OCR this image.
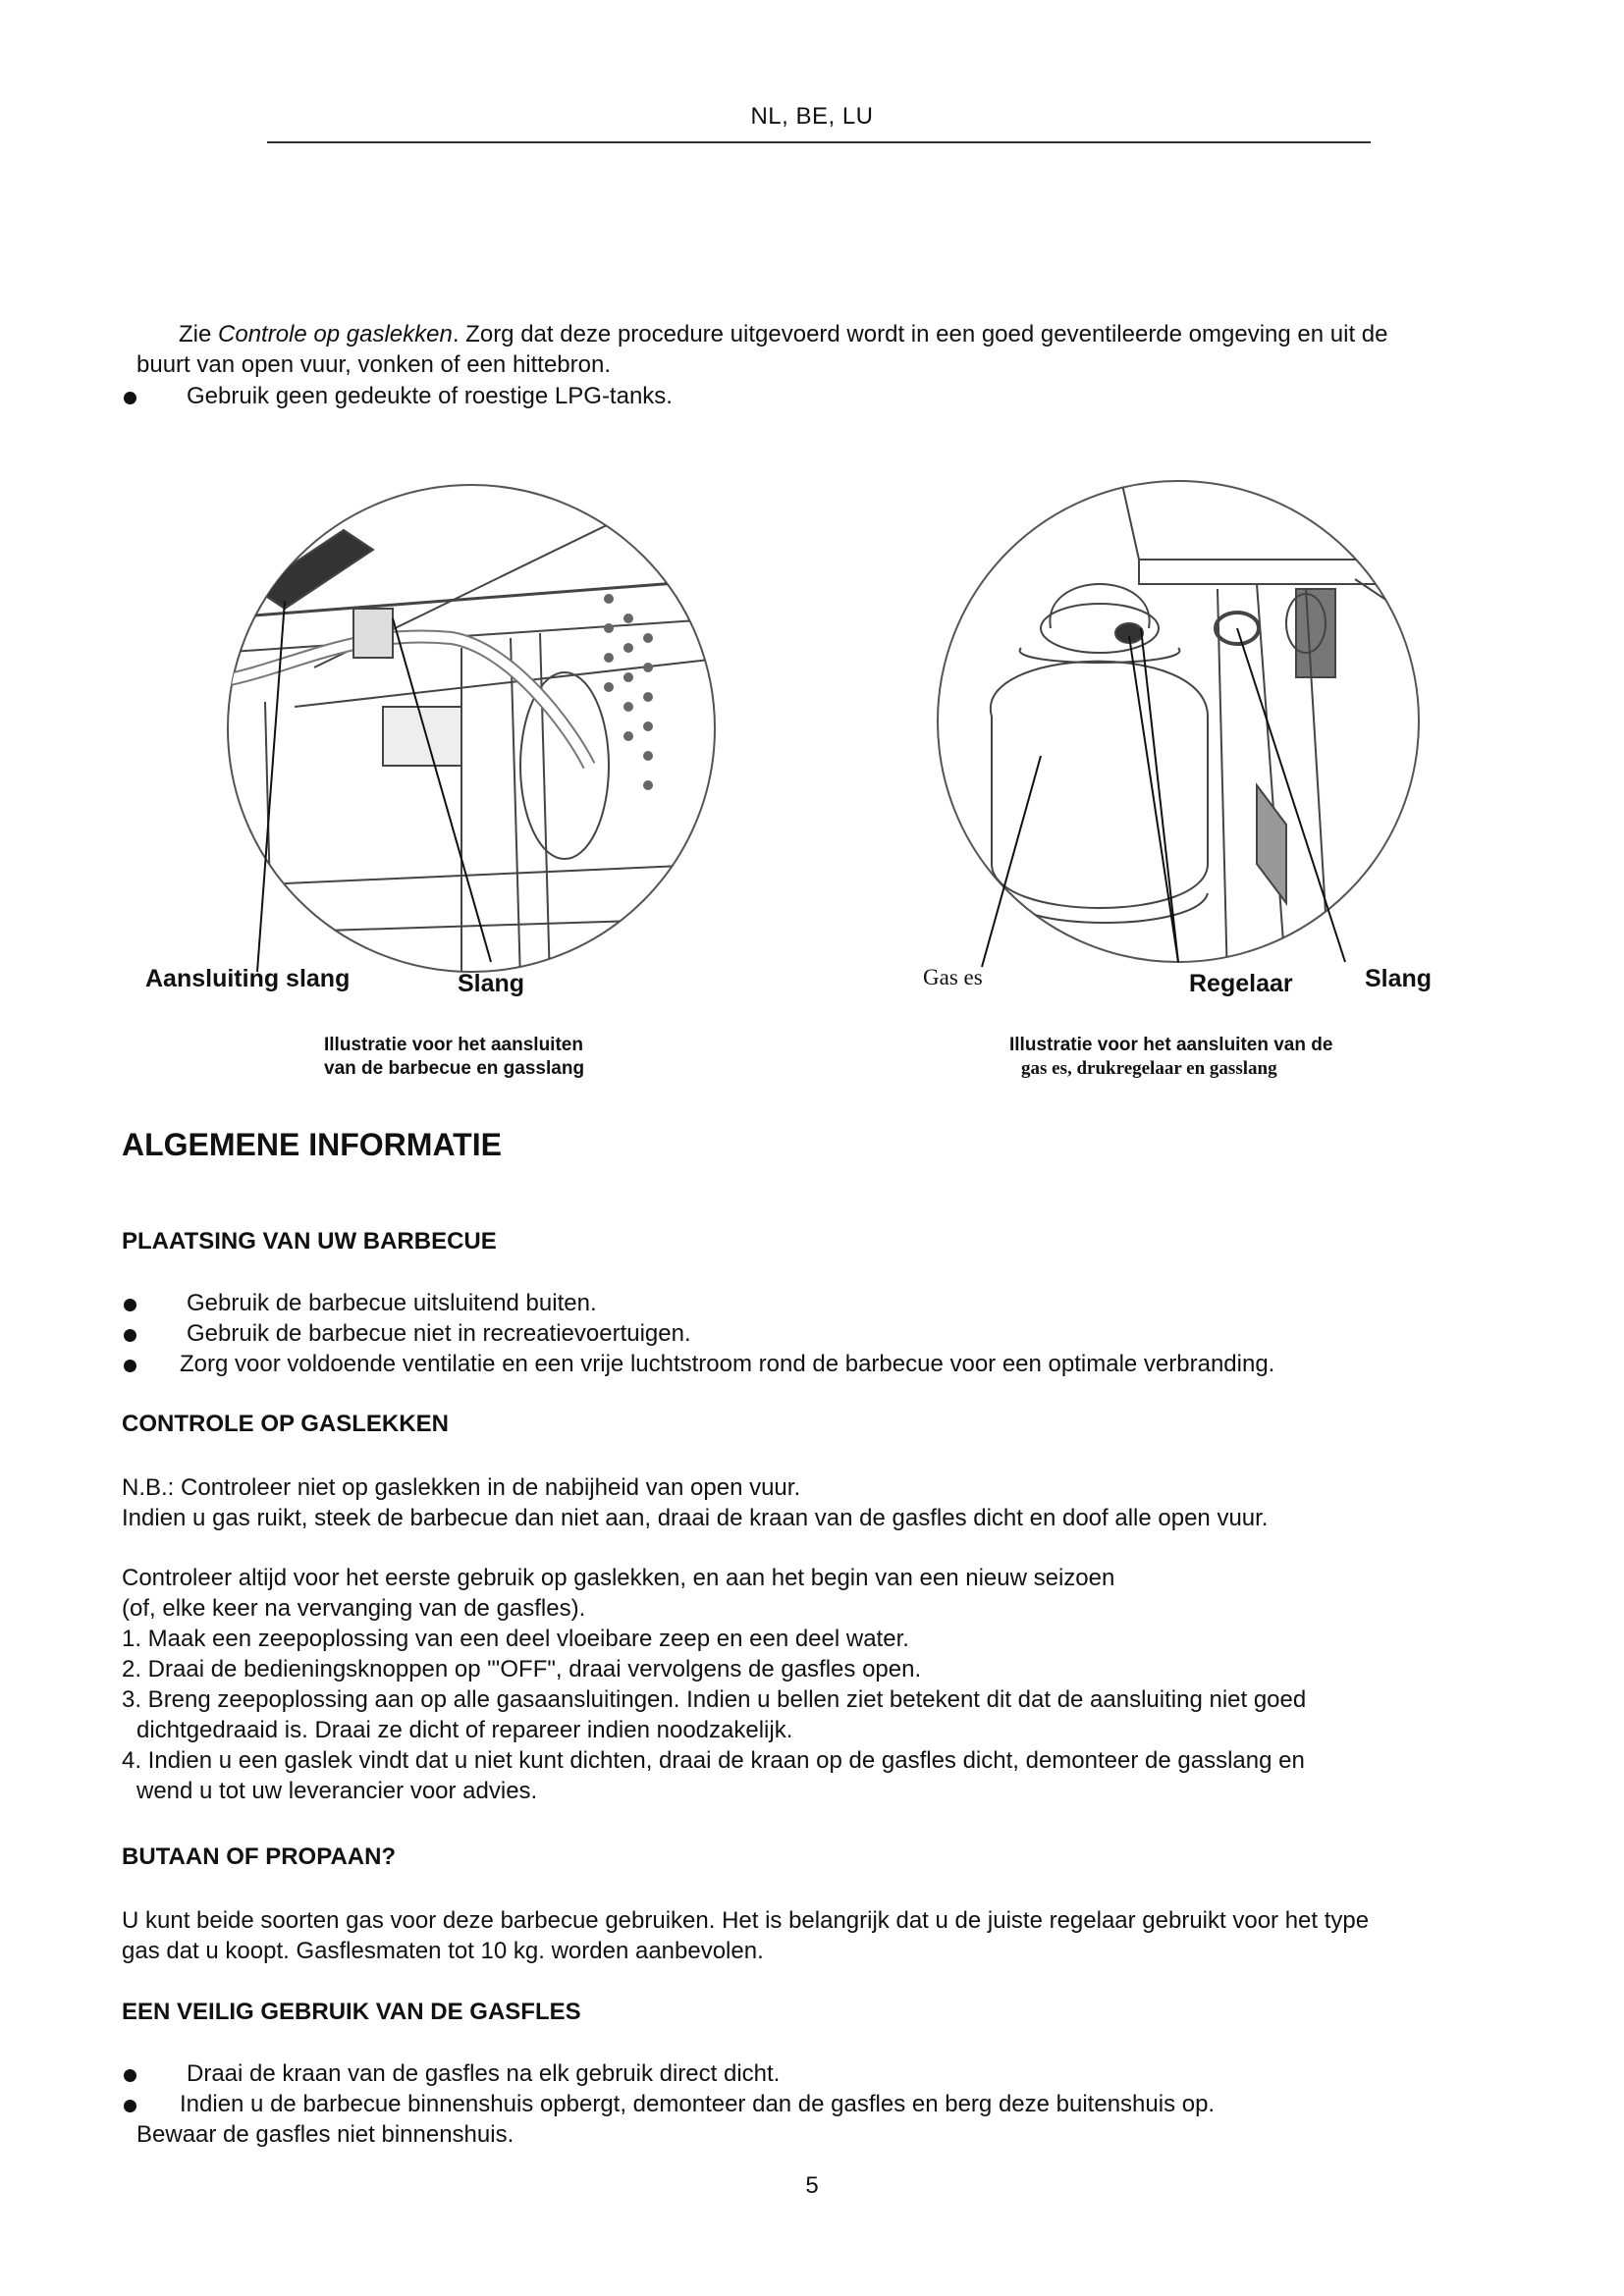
NL, BE, LU
Zie Controle op gaslekken. Zorg dat deze procedure uitgevoerd wordt in een goed geventileerde omgeving en uit de
buurt van open vuur, vonken of een hittebron.
Gebruik geen gedeukte of roestige LPG-tanks.
Aansluiting slang	Slang
Illustratie voor het aansluiten
van de barbecue en gasslang
Gas es	Regelaar	Slang
Illustratie voor het aansluiten van de
gas es, drukregelaar en gasslang
ALGEMENE INFORMATIE
PLAATSING VAN UW BARBECUE
Gebruik de barbecue uitsluitend buiten.
Gebruik de barbecue niet in recreatievoertuigen.
Zorg voor voldoende ventilatie en een vrije luchtstroom rond de barbecue voor een optimale verbranding.
CONTROLE OP GASLEKKEN
N.B.: Controleer niet op gaslekken in de nabijheid van open vuur.
Indien u gas ruikt, steek de barbecue dan niet aan, draai de kraan van de gasfles dicht en doof alle open vuur.
Controleer altijd voor het eerste gebruik op gaslekken, en aan het begin van een nieuw seizoen
(of, elke keer na vervanging van de gasfles).
1. Maak een zeepoplossing van een deel vloeibare zeep en een deel water.
2. Draai de bedieningsknoppen op "'OFF", draai vervolgens de gasfles open.
3. Breng zeepoplossing aan op alle gasaansluitingen. Indien u bellen ziet betekent dit dat de aansluiting niet goed
dichtgedraaid is. Draai ze dicht of repareer indien noodzakelijk.
4. Indien u een gaslek vindt dat u niet kunt dichten, draai de kraan op de gasfles dicht, demonteer de gasslang en
wend u tot uw leverancier voor advies.
BUTAAN OF PROPAAN?
U kunt beide soorten gas voor deze barbecue gebruiken. Het is belangrijk dat u de juiste regelaar gebruikt voor het type
gas dat u koopt. Gasflesmaten tot 10 kg. worden aanbevolen.
EEN VEILIG GEBRUIK VAN DE GASFLES
Draai de kraan van de gasfles na elk gebruik direct dicht.
Indien u de barbecue binnenshuis opbergt, demonteer dan de gasfles en berg deze buitenshuis op.
Bewaar de gasfles niet binnenshuis.
5
